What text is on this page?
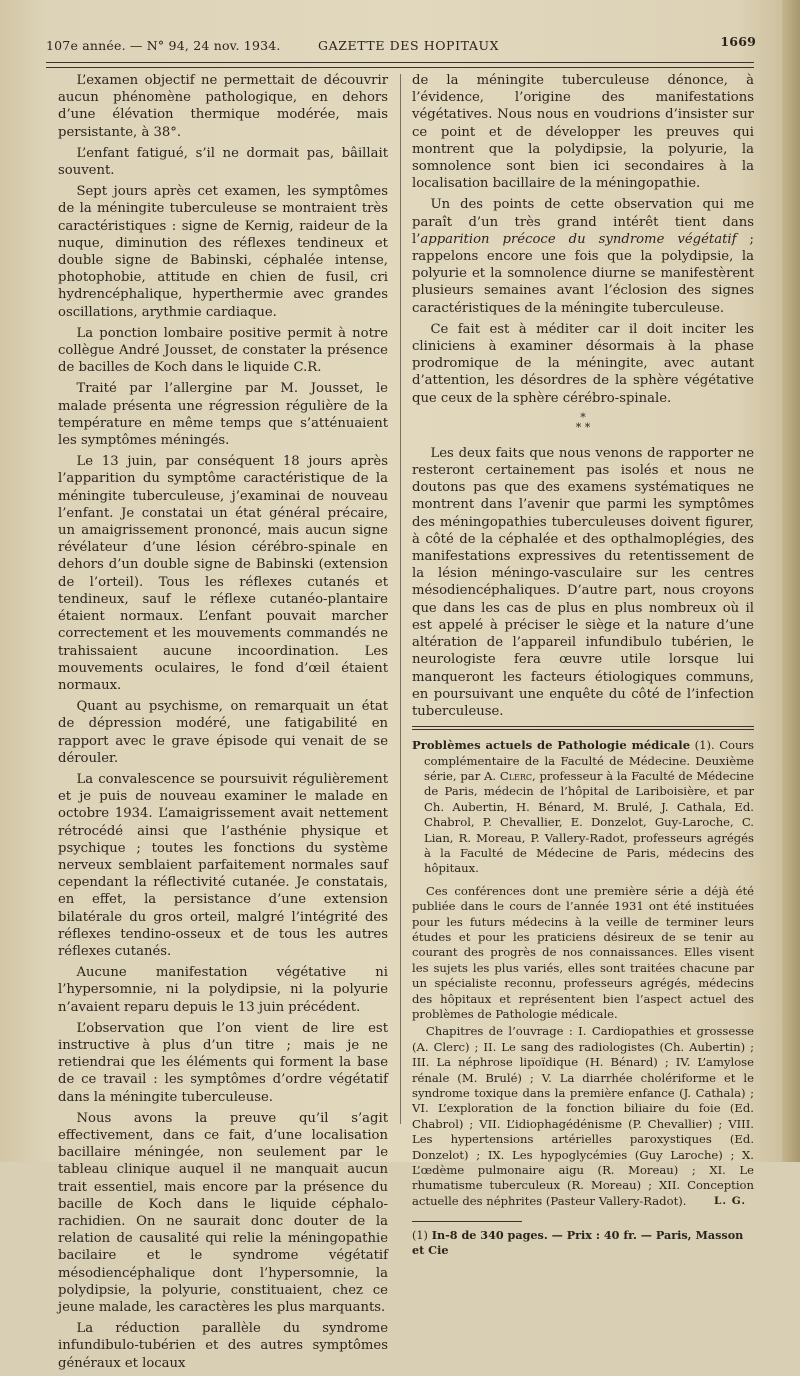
107e année. — N° 94, 24 nov. 1934.	GAZETTE DES HOPITAUX	1669

L’examen objectif ne permettait de découvrir aucun phénomène pathologique, en dehors d’une élévation thermique modérée, mais persistante, à 38°.

L’enfant fatigué, s’il ne dormait pas, bâillait souvent.

Sept jours après cet examen, les symptômes de la méningite tuberculeuse se montraient très caractéristiques : signe de Kernig, raideur de la nuque, diminution des réflexes tendineux et double signe de Babinski, céphalée intense, photophobie, attitude en chien de fusil, cri hydrencéphalique, hyperthermie avec grandes oscillations, arythmie cardiaque.

La ponction lombaire positive permit à notre collègue André Jousset, de constater la présence de bacilles de Koch dans le liquide C.R.

Traité par l’allergine par M. Jousset, le malade présenta une régression régulière de la température en même temps que s’atténuaient les symptômes méningés.

Le 13 juin, par conséquent 18 jours après l’apparition du symptôme caractéristique de la méningite tuberculeuse, j’examinai de nouveau l’enfant. Je constatai un état général précaire, un amaigrissement prononcé, mais aucun signe révélateur d’une lésion cérébro-spinale en dehors d’un double signe de Babinski (extension de l’orteil). Tous les réflexes cutanés et tendineux, sauf le réflexe cutanéo-plantaire étaient normaux. L’enfant pouvait marcher correctement et les mouvements commandés ne trahissaient aucune incoordination. Les mouvements oculaires, le fond d’œil étaient normaux.

Quant au psychisme, on remarquait un état de dépression modéré, une fatigabilité en rapport avec le grave épisode qui venait de se dérouler.

La convalescence se poursuivit régulièrement et je puis de nouveau examiner le malade en octobre 1934. L’amaigrissement avait nettement rétrocédé ainsi que l’asthénie physique et psychique ; toutes les fonctions du système nerveux semblaient parfaitement normales sauf cependant la réflectivité cutanée. Je constatais, en effet, la persistance d’une extension bilatérale du gros orteil, malgré l’intégrité des réflexes tendino-osseux et de tous les autres réflexes cutanés.

Aucune manifestation végétative ni l’hypersomnie, ni la polydipsie, ni la polyurie n’avaient reparu depuis le 13 juin précédent.

L’observation que l’on vient de lire est instructive à plus d’un titre ; mais je ne retiendrai que les éléments qui forment la base de ce travail : les symptômes d’ordre végétatif dans la méningite tuberculeuse.

Nous avons la preuve qu’il s’agit effectivement, dans ce fait, d’une localisation bacillaire méningée, non seulement par le tableau clinique auquel il ne manquait aucun trait essentiel, mais encore par la présence du bacille de Koch dans le liquide céphalo-rachidien. On ne saurait donc douter de la relation de causalité qui relie la méningopathie bacilaire et le syndrome végétatif mésodiencéphalique dont l’hypersomnie, la polydipsie, la polyurie, constituaient, chez ce jeune malade, les caractères les plus marquants.

La réduction parallèle du syndrome infundibulo-tubérien et des autres symptômes généraux et locaux

de la méningite tuberculeuse dénonce, à l’évidence, l’origine des manifestations végétatives. Nous nous en voudrions d’insister sur ce point et de développer les preuves qui montrent que la polydipsie, la polyurie, la somnolence sont bien ici secondaires à la localisation bacillaire de la méningopathie.

Un des points de cette observation qui me paraît d’un très grand intérêt tient dans l’apparition précoce du syndrome végétatif ; rappelons encore une fois que la polydipsie, la polyurie et la somnolence diurne se manifestèrent plusieurs semaines avant l’éclosion des signes caractéristiques de la méningite tuberculeuse.

Ce fait est à méditer car il doit inciter les cliniciens à examiner désormais à la phase prodromique de la méningite, avec autant d’attention, les désordres de la sphère végétative que ceux de la sphère cérébro-spinale.

*
* *

Les deux faits que nous venons de rapporter ne resteront certainement pas isolés et nous ne doutons pas que des examens systématiques ne montrent dans l’avenir que parmi les symptômes des méningopathies tuberculeuses doivent figurer, à côté de la céphalée et des opthalmoplégies, des manifestations expressives du retentissement de la lésion méningo-vasculaire sur les centres mésodiencéphaliques. D’autre part, nous croyons que dans les cas de plus en plus nombreux où il est appelé à préciser le siège et la nature d’une altération de l’appareil infundibulo tubérien, le neurologiste fera œuvre utile lorsque lui manqueront les facteurs étiologiques communs, en poursuivant une enquête du côté de l’infection tuberculeuse.

Problèmes actuels de Pathologie médicale (1). Cours complémentaire de la Faculté de Médecine. Deuxième série, par A. Clerc, professeur à la Faculté de Médecine de Paris, médecin de l’hôpital de Lariboisière, et par Ch. Aubertin, H. Bénard, M. Brulé, J. Cathala, Ed. Chabrol, P. Chevallier, E. Donzelot, Guy-Laroche, C. Lian, R. Moreau, P. Vallery-Radot, professeurs agrégés à la Faculté de Médecine de Paris, médecins des hôpitaux.

Ces conférences dont une première série a déjà été publiée dans le cours de l’année 1931 ont été instituées pour les futurs médecins à la veille de terminer leurs études et pour les praticiens désireux de se tenir au courant des progrès de nos connaissances. Elles visent les sujets les plus variés, elles sont traitées chacune par un spécialiste reconnu, professeurs agrégés, médecins des hôpitaux et représentent bien l’aspect actuel des problèmes de Pathologie médicale.

Chapitres de l’ouvrage : I. Cardiopathies et grossesse (A. Clerc) ; II. Le sang des radiologistes (Ch. Aubertin) ; III. La néphrose lipoïdique (H. Bénard) ; IV. L’amylose rénale (M. Brulé) ; V. La diarrhée cholériforme et le syndrome toxique dans la première enfance (J. Cathala) ; VI. L’exploration de la fonction biliaire du foie (Ed. Chabrol) ; VII. L’idiophagédénisme (P. Chevallier) ; VIII. Les hypertensions artérielles paroxystiques (Ed. Donzelot) ; IX. Les hypoglycémies (Guy Laroche) ; X. L’œdème pulmonaire aigu (R. Moreau) ; XI. Le rhumatisme tuberculeux (R. Moreau) ; XII. Conception actuelle des néphrites (Pasteur Vallery-Radot).	L. G.

(1) In-8 de 340 pages. — Prix : 40 fr. — Paris, Masson et Cie
